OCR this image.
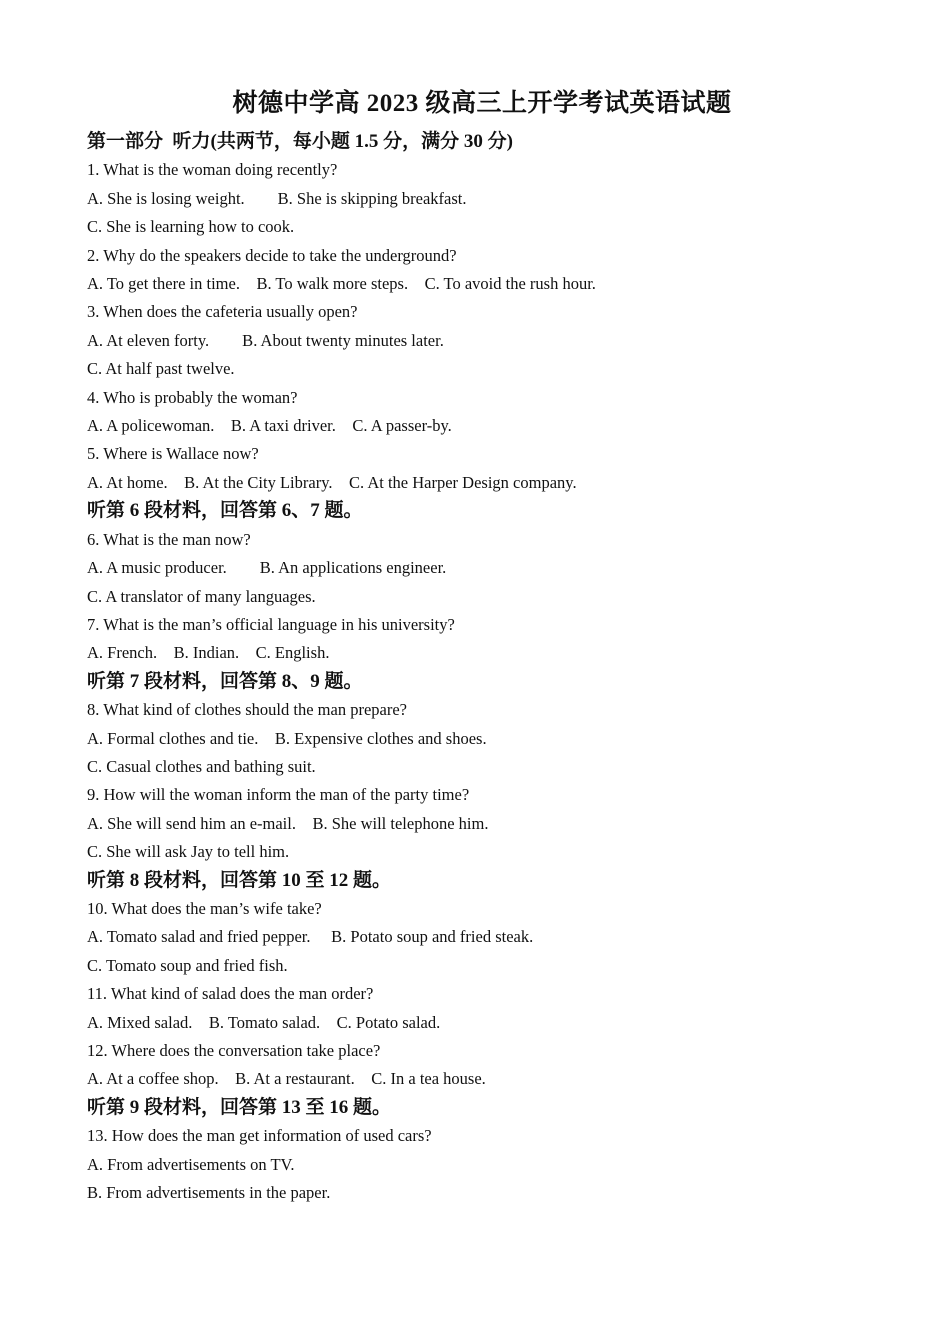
树德中学高 2023 级高三上开学考试英语试题
第一部分  听力(共两节，每小题 1.5 分，满分 30 分)
1. What is the woman doing recently?
A. She is losing weight.        B. She is skipping breakfast.
C. She is learning how to cook.
2. Why do the speakers decide to take the underground?
A. To get there in time.    B. To walk more steps.    C. To avoid the rush hour.
3. When does the cafeteria usually open?
A. At eleven forty.        B. About twenty minutes later.
C. At half past twelve.
4. Who is probably the woman?
A. A policewoman.    B. A taxi driver.    C. A passer-by.
5. Where is Wallace now?
A. At home.    B. At the City Library.    C. At the Harper Design company.
听第 6 段材料，回答第 6、7 题。
6. What is the man now?
A. A music producer.        B. An applications engineer.
C. A translator of many languages.
7. What is the man’s official language in his university?
A. French.    B. Indian.    C. English.
听第 7 段材料，回答第 8、9 题。
8. What kind of clothes should the man prepare?
A. Formal clothes and tie.    B. Expensive clothes and shoes.
C. Casual clothes and bathing suit.
9. How will the woman inform the man of the party time?
A. She will send him an e-mail.    B. She will telephone him.
C. She will ask Jay to tell him.
听第 8 段材料，回答第 10 至 12 题。
10. What does the man’s wife take?
A. Tomato salad and fried pepper.     B. Potato soup and fried steak.
C. Tomato soup and fried fish.
11. What kind of salad does the man order?
A. Mixed salad.    B. Tomato salad.    C. Potato salad.
12. Where does the conversation take place?
A. At a coffee shop.    B. At a restaurant.    C. In a tea house.
听第 9 段材料，回答第 13 至 16 题。
13. How does the man get information of used cars?
A. From advertisements on TV.
B. From advertisements in the paper.
